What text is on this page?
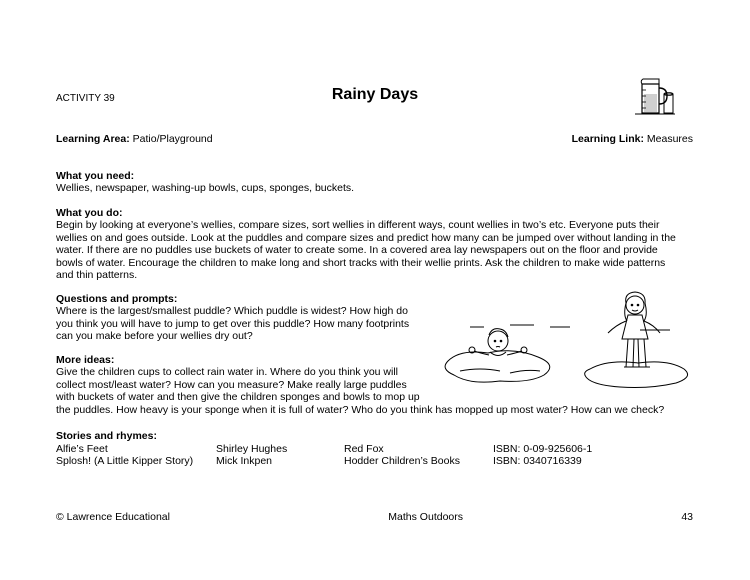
ACTIVITY 39	Rainy Days
Learning Area: Patio/Playground	Learning Link: Measures
What you need:
Wellies, newspaper, washing-up bowls, cups, sponges, buckets.
What you do:
Begin by looking at everyone’s wellies, compare sizes, sort wellies in different ways, count wellies in two’s etc. Everyone puts their
wellies on and goes outside. Look at the puddles and compare sizes and predict how many can be jumped over without landing in the
water. If there are no puddles use buckets of water to create some. In a covered area lay newspapers out on the floor and provide
bowls of water. Encourage the children to make long and short tracks with their wellie prints. Ask the children to make wide patterns
and thin patterns.
Questions and prompts:
Where is the largest/smallest puddle? Which puddle is widest? How high do
you think you will have to jump to get over this puddle? How many footprints
can you make before your wellies dry out?
More ideas:
Give the children cups to collect rain water in. Where do you think you will
collect most/least water? How can you measure? Make really large puddles
with buckets of water and then give the children sponges and bowls to mop up
the puddles. How heavy is your sponge when it is full of water? Who do you think has mopped up most water? How can we check?
Stories and rhymes:
Alfie’s Feet	Shirley Hughes	Red Fox	ISBN: 0-09-925606-1
Splosh! (A Little Kipper Story)	Mick Inkpen	Hodder Children’s Books	ISBN: 0340716339
© Lawrence Educational	Maths Outdoors	43
